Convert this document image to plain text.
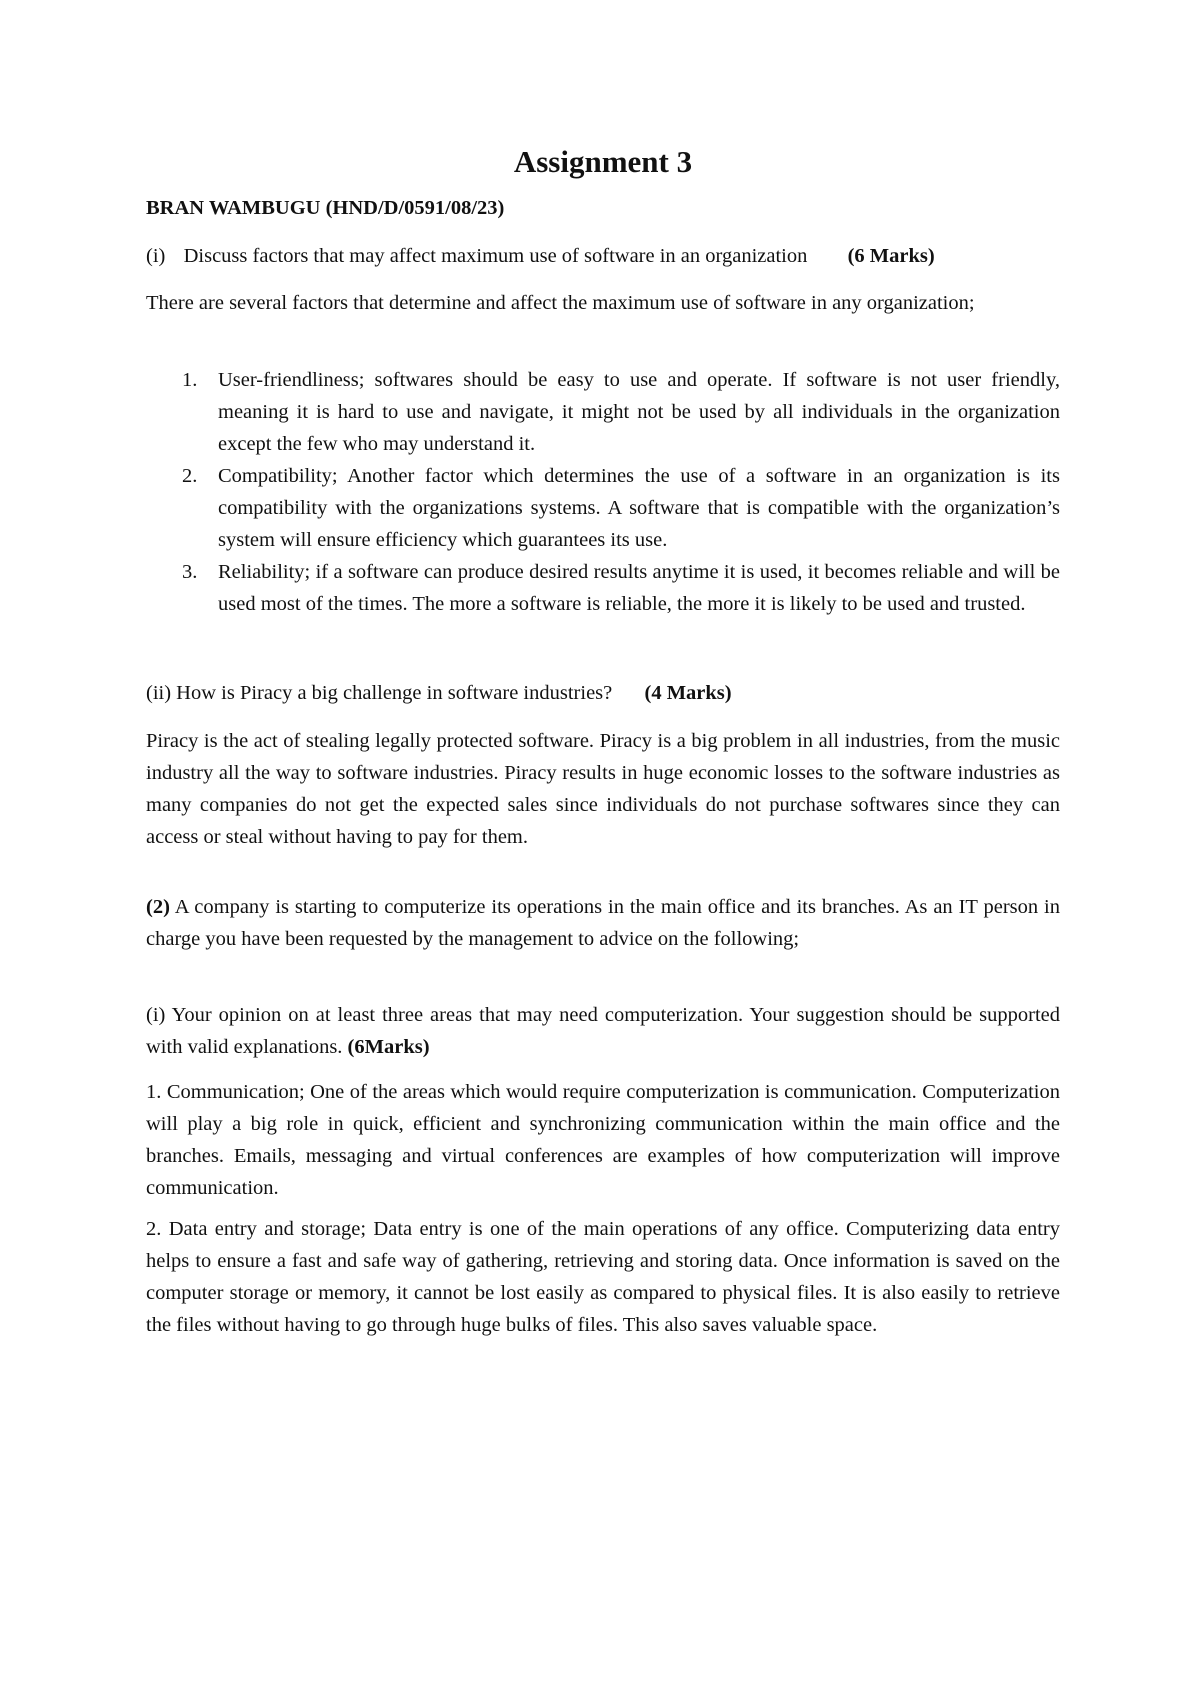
Assignment 3

BRAN WAMBUGU (HND/D/0591/08/23)

(i) Discuss factors that may affect maximum use of software in an organization (6 Marks)

There are several factors that determine and affect the maximum use of software in any organization;

1. User-friendliness; softwares should be easy to use and operate. If software is not user friendly, meaning it is hard to use and navigate, it might not be used by all individuals in the organization except the few who may understand it.
2. Compatibility; Another factor which determines the use of a software in an organization is its compatibility with the organizations systems. A software that is compatible with the organization’s system will ensure efficiency which guarantees its use.
3. Reliability; if a software can produce desired results anytime it is used, it becomes reliable and will be used most of the times. The more a software is reliable, the more it is likely to be used and trusted.

(ii) How is Piracy a big challenge in software industries? (4 Marks)

Piracy is the act of stealing legally protected software. Piracy is a big problem in all industries, from the music industry all the way to software industries. Piracy results in huge economic losses to the software industries as many companies do not get the expected sales since individuals do not purchase softwares since they can access or steal without having to pay for them.

(2) A company is starting to computerize its operations in the main office and its branches. As an IT person in charge you have been requested by the management to advice on the following;

(i) Your opinion on at least three areas that may need computerization. Your suggestion should be supported with valid explanations. (6Marks)

1. Communication; One of the areas which would require computerization is communication. Computerization will play a big role in quick, efficient and synchronizing communication within the main office and the branches. Emails, messaging and virtual conferences are examples of how computerization will improve communication.

2. Data entry and storage; Data entry is one of the main operations of any office. Computerizing data entry helps to ensure a fast and safe way of gathering, retrieving and storing data. Once information is saved on the computer storage or memory, it cannot be lost easily as compared to physical files. It is also easily to retrieve the files without having to go through huge bulks of files. This also saves valuable space.
